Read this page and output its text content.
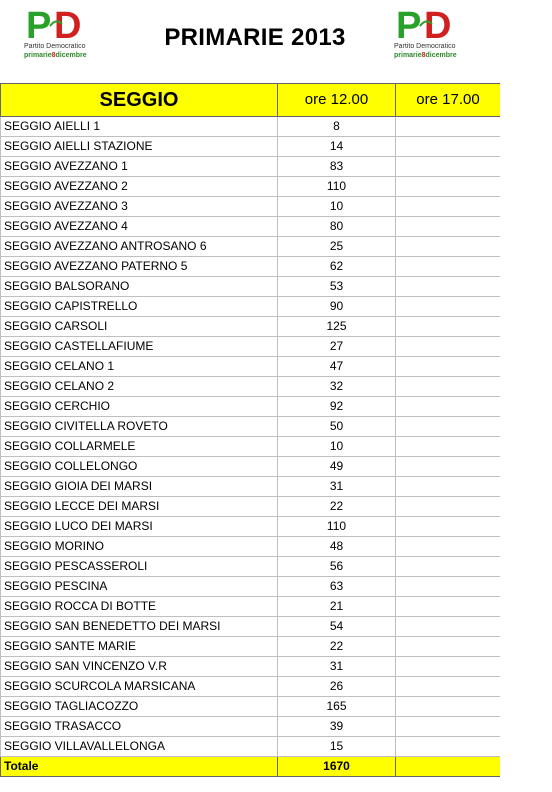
P D
Partito Democratico
primarie8dicembre
PRIMARIE 2013	P D
Partito Democratico
primarie8dicembre
SEGGIO	ore 12.00	ore 17.00
SEGGIO AIELLI 1	8	
SEGGIO AIELLI STAZIONE	14	
SEGGIO AVEZZANO 1	83	
SEGGIO AVEZZANO 2	110	
SEGGIO AVEZZANO 3	10	
SEGGIO AVEZZANO 4	80	
SEGGIO AVEZZANO ANTROSANO 6	25	
SEGGIO AVEZZANO PATERNO 5	62	
SEGGIO BALSORANO	53	
SEGGIO CAPISTRELLO	90	
SEGGIO CARSOLI	125	
SEGGIO CASTELLAFIUME	27	
SEGGIO CELANO 1	47	
SEGGIO CELANO 2	32	
SEGGIO CERCHIO	92	
SEGGIO CIVITELLA ROVETO	50	
SEGGIO COLLARMELE	10	
SEGGIO COLLELONGO	49	
SEGGIO GIOIA DEI MARSI	31	
SEGGIO LECCE DEI MARSI	22	
SEGGIO LUCO DEI MARSI	110	
SEGGIO MORINO	48	
SEGGIO PESCASSEROLI	56	
SEGGIO PESCINA	63	
SEGGIO ROCCA DI BOTTE	21	
SEGGIO SAN BENEDETTO DEI MARSI	54	
SEGGIO SANTE MARIE	22	
SEGGIO SAN VINCENZO V.R	31	
SEGGIO SCURCOLA MARSICANA	26	
SEGGIO TAGLIACOZZO	165	
SEGGIO TRASACCO	39	
SEGGIO VILLAVALLELONGA	15	
Totale	1670	
